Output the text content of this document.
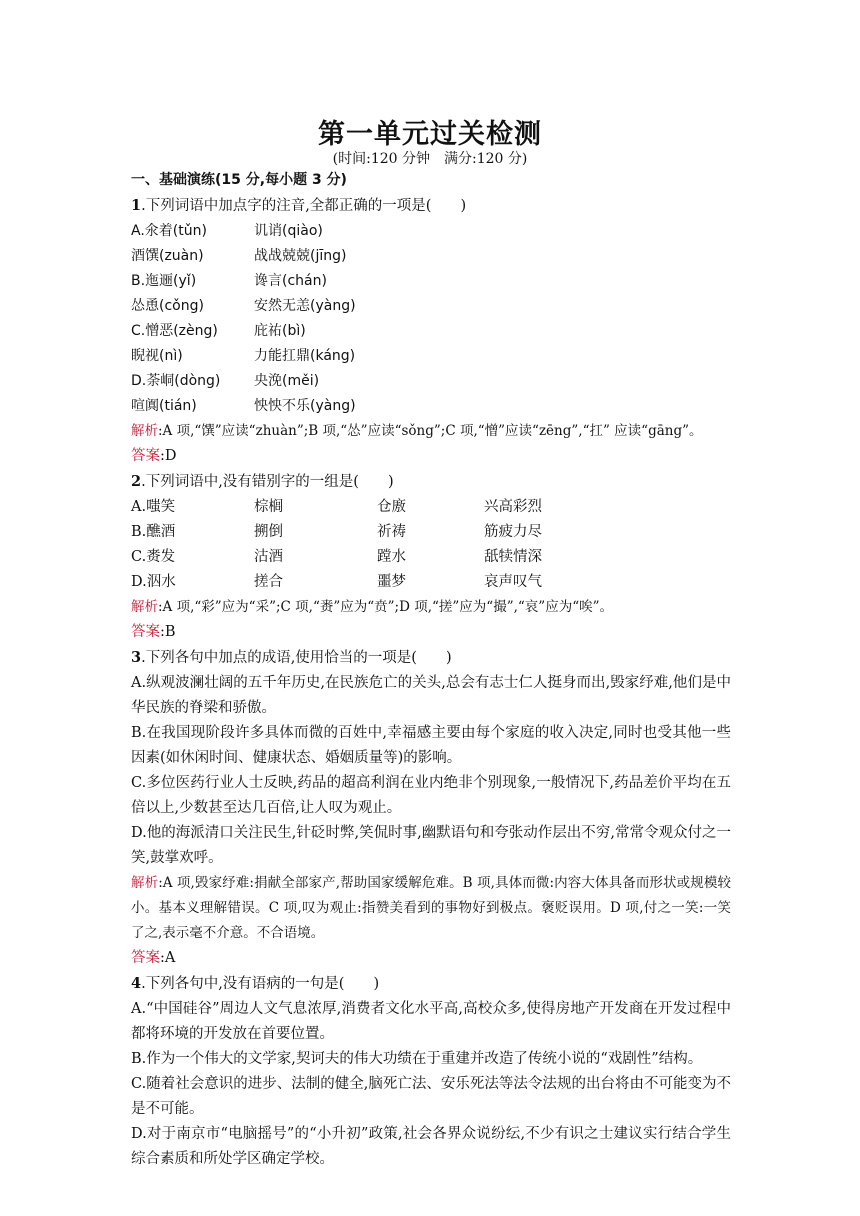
第一单元过关检测
(时间:120 分钟　满分:120 分)
一、基础演练(15 分,每小题 3 分)
1.下列词语中加点字的注音,全都正确的一项是(　　)
A.氽着(tǔn)	讥诮(qiào)
酒馔(zuàn)	战战兢兢(jīng)
B.迤逦(yǐ)	谗言(chán)
怂恿(cǒng)	安然无恙(yàng)
C.憎恶(zèng)	庇祐(bì)
睨视(nì)	力能扛鼎(káng)
D.荼峒(dòng)	央浼(měi)
喧阗(tián)	怏怏不乐(yàng)
解析:A 项,“馔”应读“zhuàn”;B 项,“怂”应读“sǒng”;C 项,“憎”应读“zēng”,“扛” 应读“gāng”。
答案:D
2.下列词语中,没有错别字的一组是(　　)
A.嗤笑	棕榈	仓廒	兴高彩烈
B.醮酒	搠倒	祈祷	筋疲力尽
C.赉发	沽酒	蹚水	舐犊情深
D.泅水	搓合	噩梦	哀声叹气
解析:A 项,“彩”应为“采”;C 项,“赉”应为“贲”;D 项,“搓”应为“撮”,“哀”应为“唉”。
答案:B
3.下列各句中加点的成语,使用恰当的一项是(　　)

A.纵观波澜壮阔的五千年历史,在民族危亡的关头,总会有志士仁人挺身而出,毁家纾难,他们是中华民族的脊梁和骄傲。

B.在我国现阶段许多具体而微的百姓中,幸福感主要由每个家庭的收入决定,同时也受其他一些因素(如休闲时间、健康状态、婚姻质量等)的影响。

C.多位医药行业人士反映,药品的超高利润在业内绝非个别现象,一般情况下,药品差价平均在五倍以上,少数甚至达几百倍,让人叹为观止。

D.他的海派清口关注民生,针砭时弊,笑侃时事,幽默语句和夸张动作层出不穷,常常令观众付之一笑,鼓掌欢呼。

解析:A 项,毁家纾难:捐献全部家产,帮助国家缓解危难。B 项,具体而微:内容大体具备而形状或规模较小。基本义理解错误。C 项,叹为观止:指赞美看到的事物好到极点。褒贬误用。D 项,付之一笑:一笑了之,表示毫不介意。不合语境。
答案:A
4.下列各句中,没有语病的一句是(　　)

A.“中国硅谷”周边人文气息浓厚,消费者文化水平高,高校众多,使得房地产开发商在开发过程中都将环境的开发放在首要位置。

B.作为一个伟大的文学家,契诃夫的伟大功绩在于重建并改造了传统小说的“戏剧性”结构。

C.随着社会意识的进步、法制的健全,脑死亡法、安乐死法等法令法规的出台将由不可能变为不是不可能。

D.对于南京市“电脑摇号”的“小升初”政策,社会各界众说纷纭,不少有识之士建议实行结合学生综合素质和所处学区确定学校。
